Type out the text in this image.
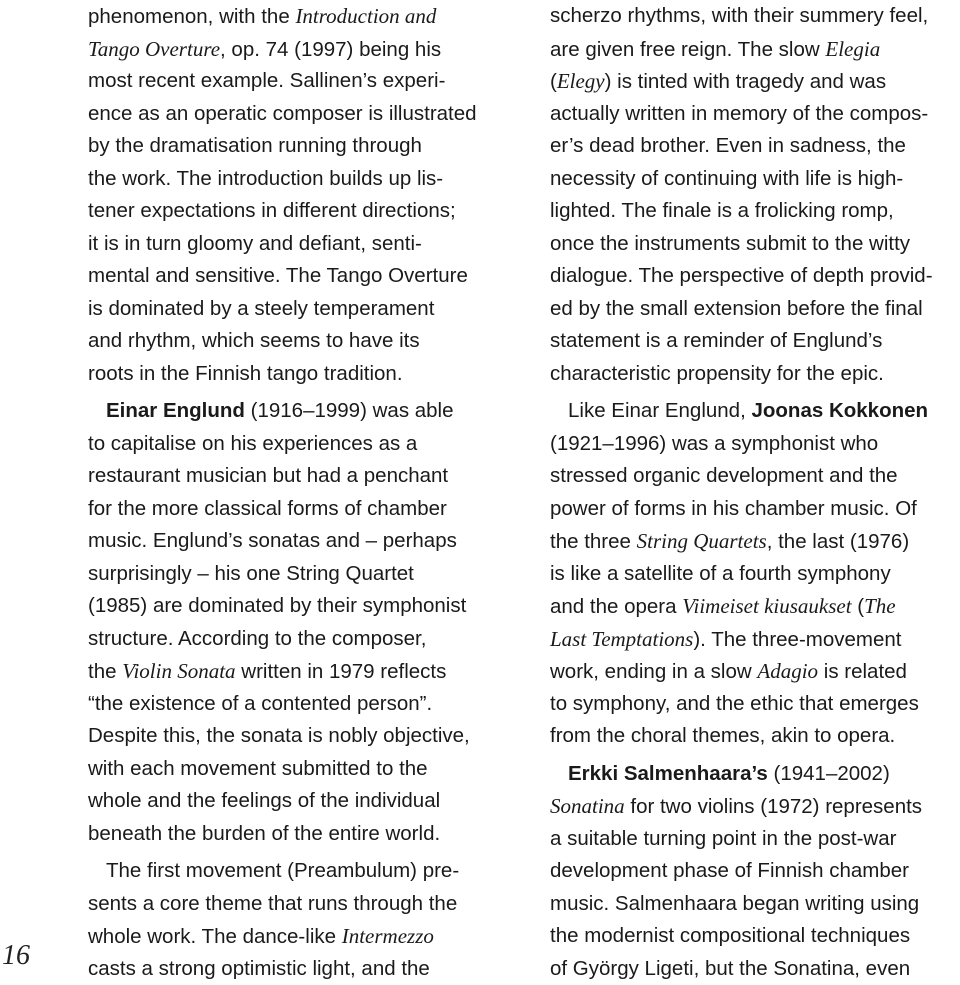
16
phenomenon, with the Introduction and
Tango Overture, op. 74 (1997) being his
most recent example. Sallinen’s experi-
ence as an operatic composer is illustrated
by the dramatisation running through
the work. The introduction builds up lis-
tener expectations in different directions;
it is in turn gloomy and defiant, senti-
mental and sensitive. The Tango Overture
is dominated by a steely temperament
and rhythm, which seems to have its
roots in the Finnish tango tradition.
Einar Englund (1916–1999) was able
to capitalise on his experiences as a
restaurant musician but had a penchant
for the more classical forms of chamber
music. Englund’s sonatas and – perhaps
surprisingly – his one String Quartet
(1985) are dominated by their symphonist
structure. According to the composer,
the Violin Sonata written in 1979 reflects
“the existence of a contented person”.
Despite this, the sonata is nobly objective,
with each movement submitted to the
whole and the feelings of the individual
beneath the burden of the entire world.
The first movement (Preambulum) pre-
sents a core theme that runs through the
whole work. The dance-like Intermezzo
casts a strong optimistic light, and the
scherzo rhythms, with their summery feel,
are given free reign. The slow Elegia
(Elegy) is tinted with tragedy and was
actually written in memory of the compos-
er’s dead brother. Even in sadness, the
necessity of continuing with life is high-
lighted. The finale is a frolicking romp,
once the instruments submit to the witty
dialogue. The perspective of depth provid-
ed by the small extension before the final
statement is a reminder of Englund’s
characteristic propensity for the epic.
Like Einar Englund, Joonas Kokkonen
(1921–1996) was a symphonist who
stressed organic development and the
power of forms in his chamber music. Of
the three String Quartets, the last (1976)
is like a satellite of a fourth symphony
and the opera Viimeiset kiusaukset (The
Last Temptations). The three-movement
work, ending in a slow Adagio is related
to symphony, and the ethic that emerges
from the choral themes, akin to opera.
Erkki Salmenhaara’s (1941–2002)
Sonatina for two violins (1972) represents
a suitable turning point in the post-war
development phase of Finnish chamber
music. Salmenhaara began writing using
the modernist compositional techniques
of György Ligeti, but the Sonatina, even
